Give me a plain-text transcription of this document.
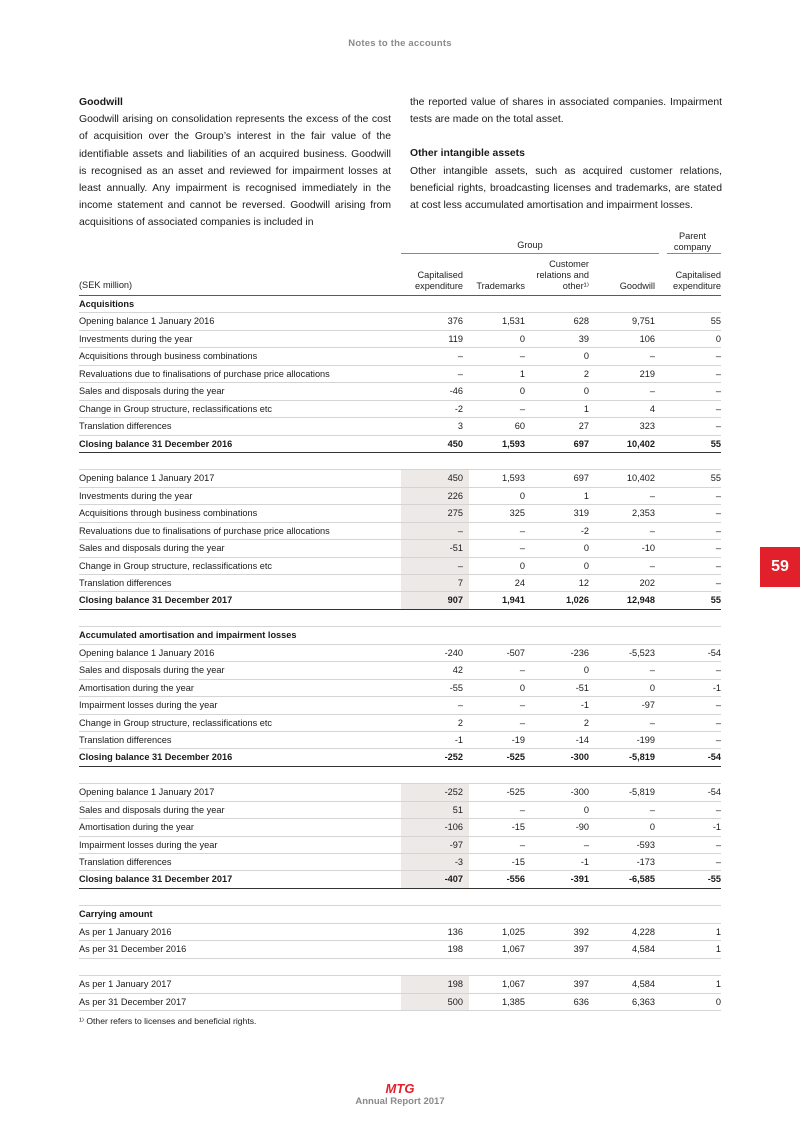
Notes to the accounts
Goodwill

Goodwill arising on consolidation represents the excess of the cost of acquisition over the Group’s interest in the fair value of the identifiable assets and liabilities of an acquired business. Goodwill is recognised as an asset and reviewed for impairment losses at least annually. Any impairment is recognised immediately in the income statement and cannot be reversed. Goodwill arising from acquisitions of associated companies is included in

the reported value of shares in associated companies. Impairment tests are made on the total asset.

Other intangible assets

Other intangible assets, such as acquired customer relations, beneficial rights, broadcasting licenses and trademarks, are stated at cost less accumulated amortisation and impairment losses.

59
(SEK million)
Group
Parent company
Capitalised expenditure	Trademarks
Customer relations and other¹⁾	Goodwill
Capitalised expenditure
Acquisitions
Opening balance 1 January 2016	376	1,531	628	9,751	55
Investments during the year	119	0	39	106	0
Acquisitions through business combinations	–	–	0	–	–
Revaluations due to finalisations of purchase price allocations	–	1	2	219	–
Sales and disposals during the year	-46	0	0	–	–
Change in Group structure, reclassifications etc	-2	–	1	4	–
Translation differences	3	60	27	323	–
Closing balance 31 December 2016	450	1,593	697	10,402	55
Opening balance 1 January 2017	450	1,593	697	10,402	55
Investments during the year	226	0	1	–	–
Acquisitions through business combinations	275	325	319	2,353	–
Revaluations due to finalisations of purchase price allocations	–	–	-2	–	–
Sales and disposals during the year	-51	–	0	-10	–
Change in Group structure, reclassifications etc	–	0	0	–	–
Translation differences	7	24	12	202	–
Closing balance 31 December 2017	907	1,941	1,026	12,948	55
Accumulated amortisation and impairment losses
Opening balance 1 January 2016	-240	-507	-236	-5,523	-54
Sales and disposals during the year	42	–	0	–	–
Amortisation during the year	-55	0	-51	0	-1
Impairment losses during the year	–	–	-1	-97	–
Change in Group structure, reclassifications etc	2	–	2	–	–
Translation differences	-1	-19	-14	-199	–
Closing balance 31 December 2016	-252	-525	-300	-5,819	-54
Opening balance 1 January 2017	-252	-525	-300	-5,819	-54
Sales and disposals during the year	51	–	0	–	–
Amortisation during the year	-106	-15	-90	0	-1
Impairment losses during the year	-97	–	–	-593	–
Translation differences	-3	-15	-1	-173	–
Closing balance 31 December 2017	-407	-556	-391	-6,585	-55
Carrying amount
As per 1 January 2016	136	1,025	392	4,228	1
As per 31 December 2016	198	1,067	397	4,584	1
As per 1 January 2017	198	1,067	397	4,584	1
As per 31 December 2017	500	1,385	636	6,363	0
¹⁾ Other refers to licenses and beneficial rights.
MTG
Annual Report 2017
